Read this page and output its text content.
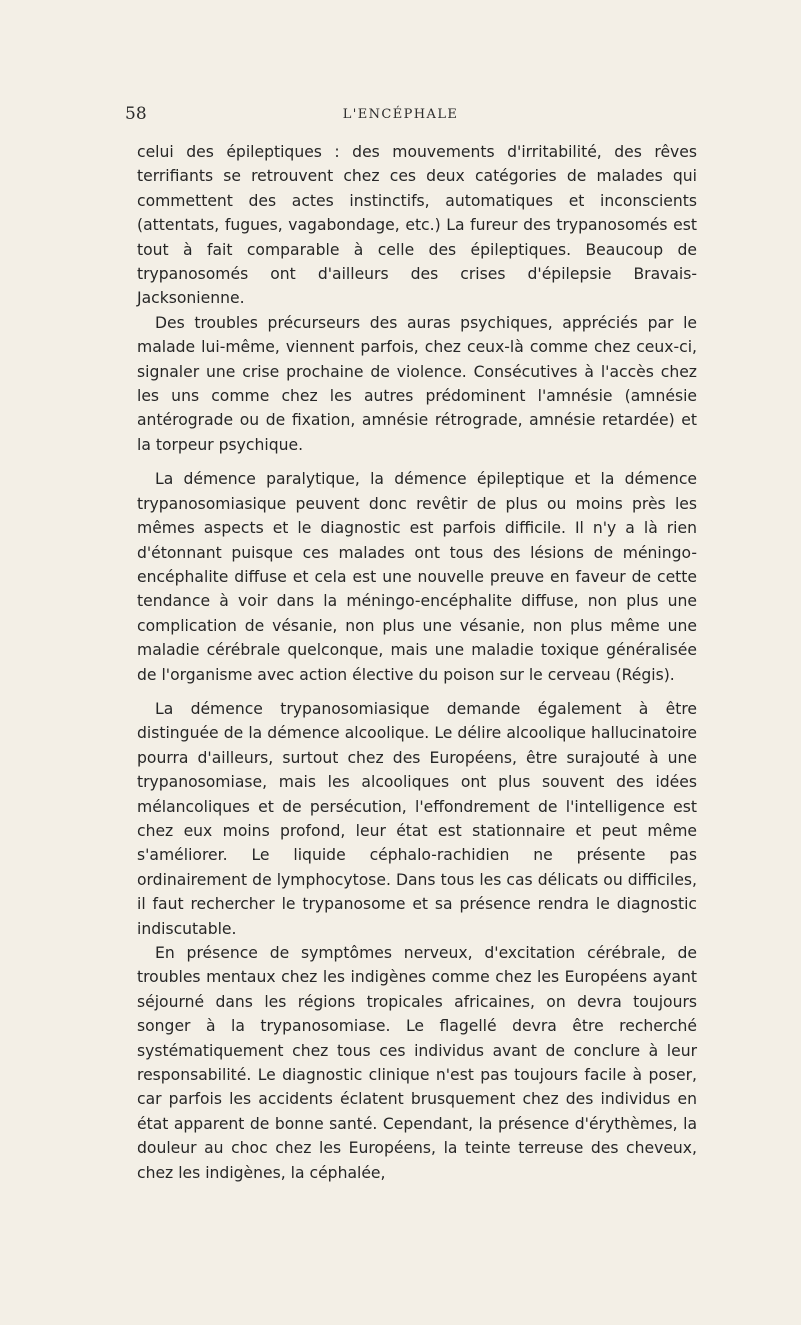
58	L'ENCÉPHALE

celui des épileptiques : des mouvements d'irritabilité, des rêves terrifiants se retrouvent chez ces deux catégories de malades qui commettent des actes instinctifs, automatiques et inconscients (attentats, fugues, vagabondage, etc.) La fureur des trypanosomés est tout à fait comparable à celle des épileptiques. Beaucoup de trypanosomés ont d'ailleurs des crises d'épilepsie Bravais-Jacksonienne.

Des troubles précurseurs des auras psychiques, appréciés par le malade lui-même, viennent parfois, chez ceux-là comme chez ceux-ci, signaler une crise prochaine de violence. Consécutives à l'accès chez les uns comme chez les autres prédominent l'amnésie (amnésie antérograde ou de fixation, amnésie rétrograde, amnésie retardée) et la torpeur psychique.

La démence paralytique, la démence épileptique et la démence trypanosomiasique peuvent donc revêtir de plus ou moins près les mêmes aspects et le diagnostic est parfois difficile. Il n'y a là rien d'étonnant puisque ces malades ont tous des lésions de méningo-encéphalite diffuse et cela est une nouvelle preuve en faveur de cette tendance à voir dans la méningo-encéphalite diffuse, non plus une complication de vésanie, non plus une vésanie, non plus même une maladie cérébrale quelconque, mais une maladie toxique généralisée de l'organisme avec action élective du poison sur le cerveau (Régis).

La démence trypanosomiasique demande également à être distinguée de la démence alcoolique. Le délire alcoolique hallucinatoire pourra d'ailleurs, surtout chez des Européens, être surajouté à une trypanosomiase, mais les alcooliques ont plus souvent des idées mélancoliques et de persécution, l'effondrement de l'intelligence est chez eux moins profond, leur état est stationnaire et peut même s'améliorer. Le liquide céphalo-rachidien ne présente pas ordinairement de lymphocytose. Dans tous les cas délicats ou difficiles, il faut rechercher le trypanosome et sa présence rendra le diagnostic indiscutable.

En présence de symptômes nerveux, d'excitation cérébrale, de troubles mentaux chez les indigènes comme chez les Européens ayant séjourné dans les régions tropicales africaines, on devra toujours songer à la trypanosomiase. Le flagellé devra être recherché systématiquement chez tous ces individus avant de conclure à leur responsabilité. Le diagnostic clinique n'est pas toujours facile à poser, car parfois les accidents éclatent brusquement chez des individus en état apparent de bonne santé. Cependant, la présence d'érythèmes, la douleur au choc chez les Européens, la teinte terreuse des cheveux, chez les indigènes, la céphalée,
